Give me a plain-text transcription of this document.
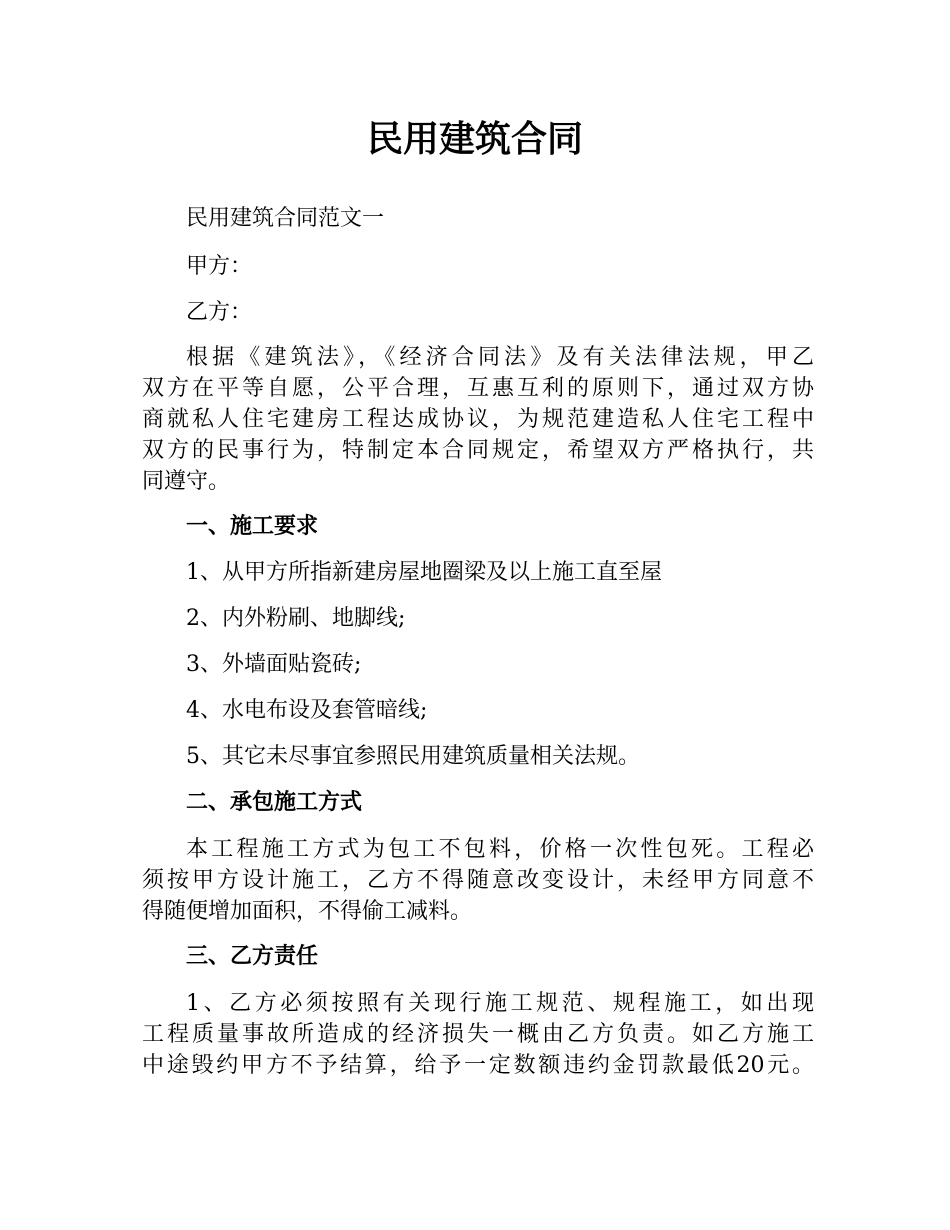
民用建筑合同
民用建筑合同范文一
甲方：
乙方：
根据《建筑法》，《经济合同法》及有关法律法规，甲乙
双方在平等自愿，公平合理，互惠互利的原则下，通过双方协
商就私人住宅建房工程达成协议，为规范建造私人住宅工程中
双方的民事行为，特制定本合同规定，希望双方严格执行，共
同遵守。
一、施工要求
1、从甲方所指新建房屋地圈梁及以上施工直至屋
2、内外粉刷、地脚线;
3、外墙面贴瓷砖;
4、水电布设及套管暗线;
5、其它未尽事宜参照民用建筑质量相关法规。
二、承包施工方式
本工程施工方式为包工不包料，价格一次性包死。工程必
须按甲方设计施工，乙方不得随意改变设计，未经甲方同意不
得随便增加面积，不得偷工减料。
三、乙方责任
1、乙方必须按照有关现行施工规范、规程施工，如出现
工程质量事故所造成的经济损失一概由乙方负责。如乙方施工
中途毁约甲方不予结算，给予一定数额违约金罚款最低20元。
